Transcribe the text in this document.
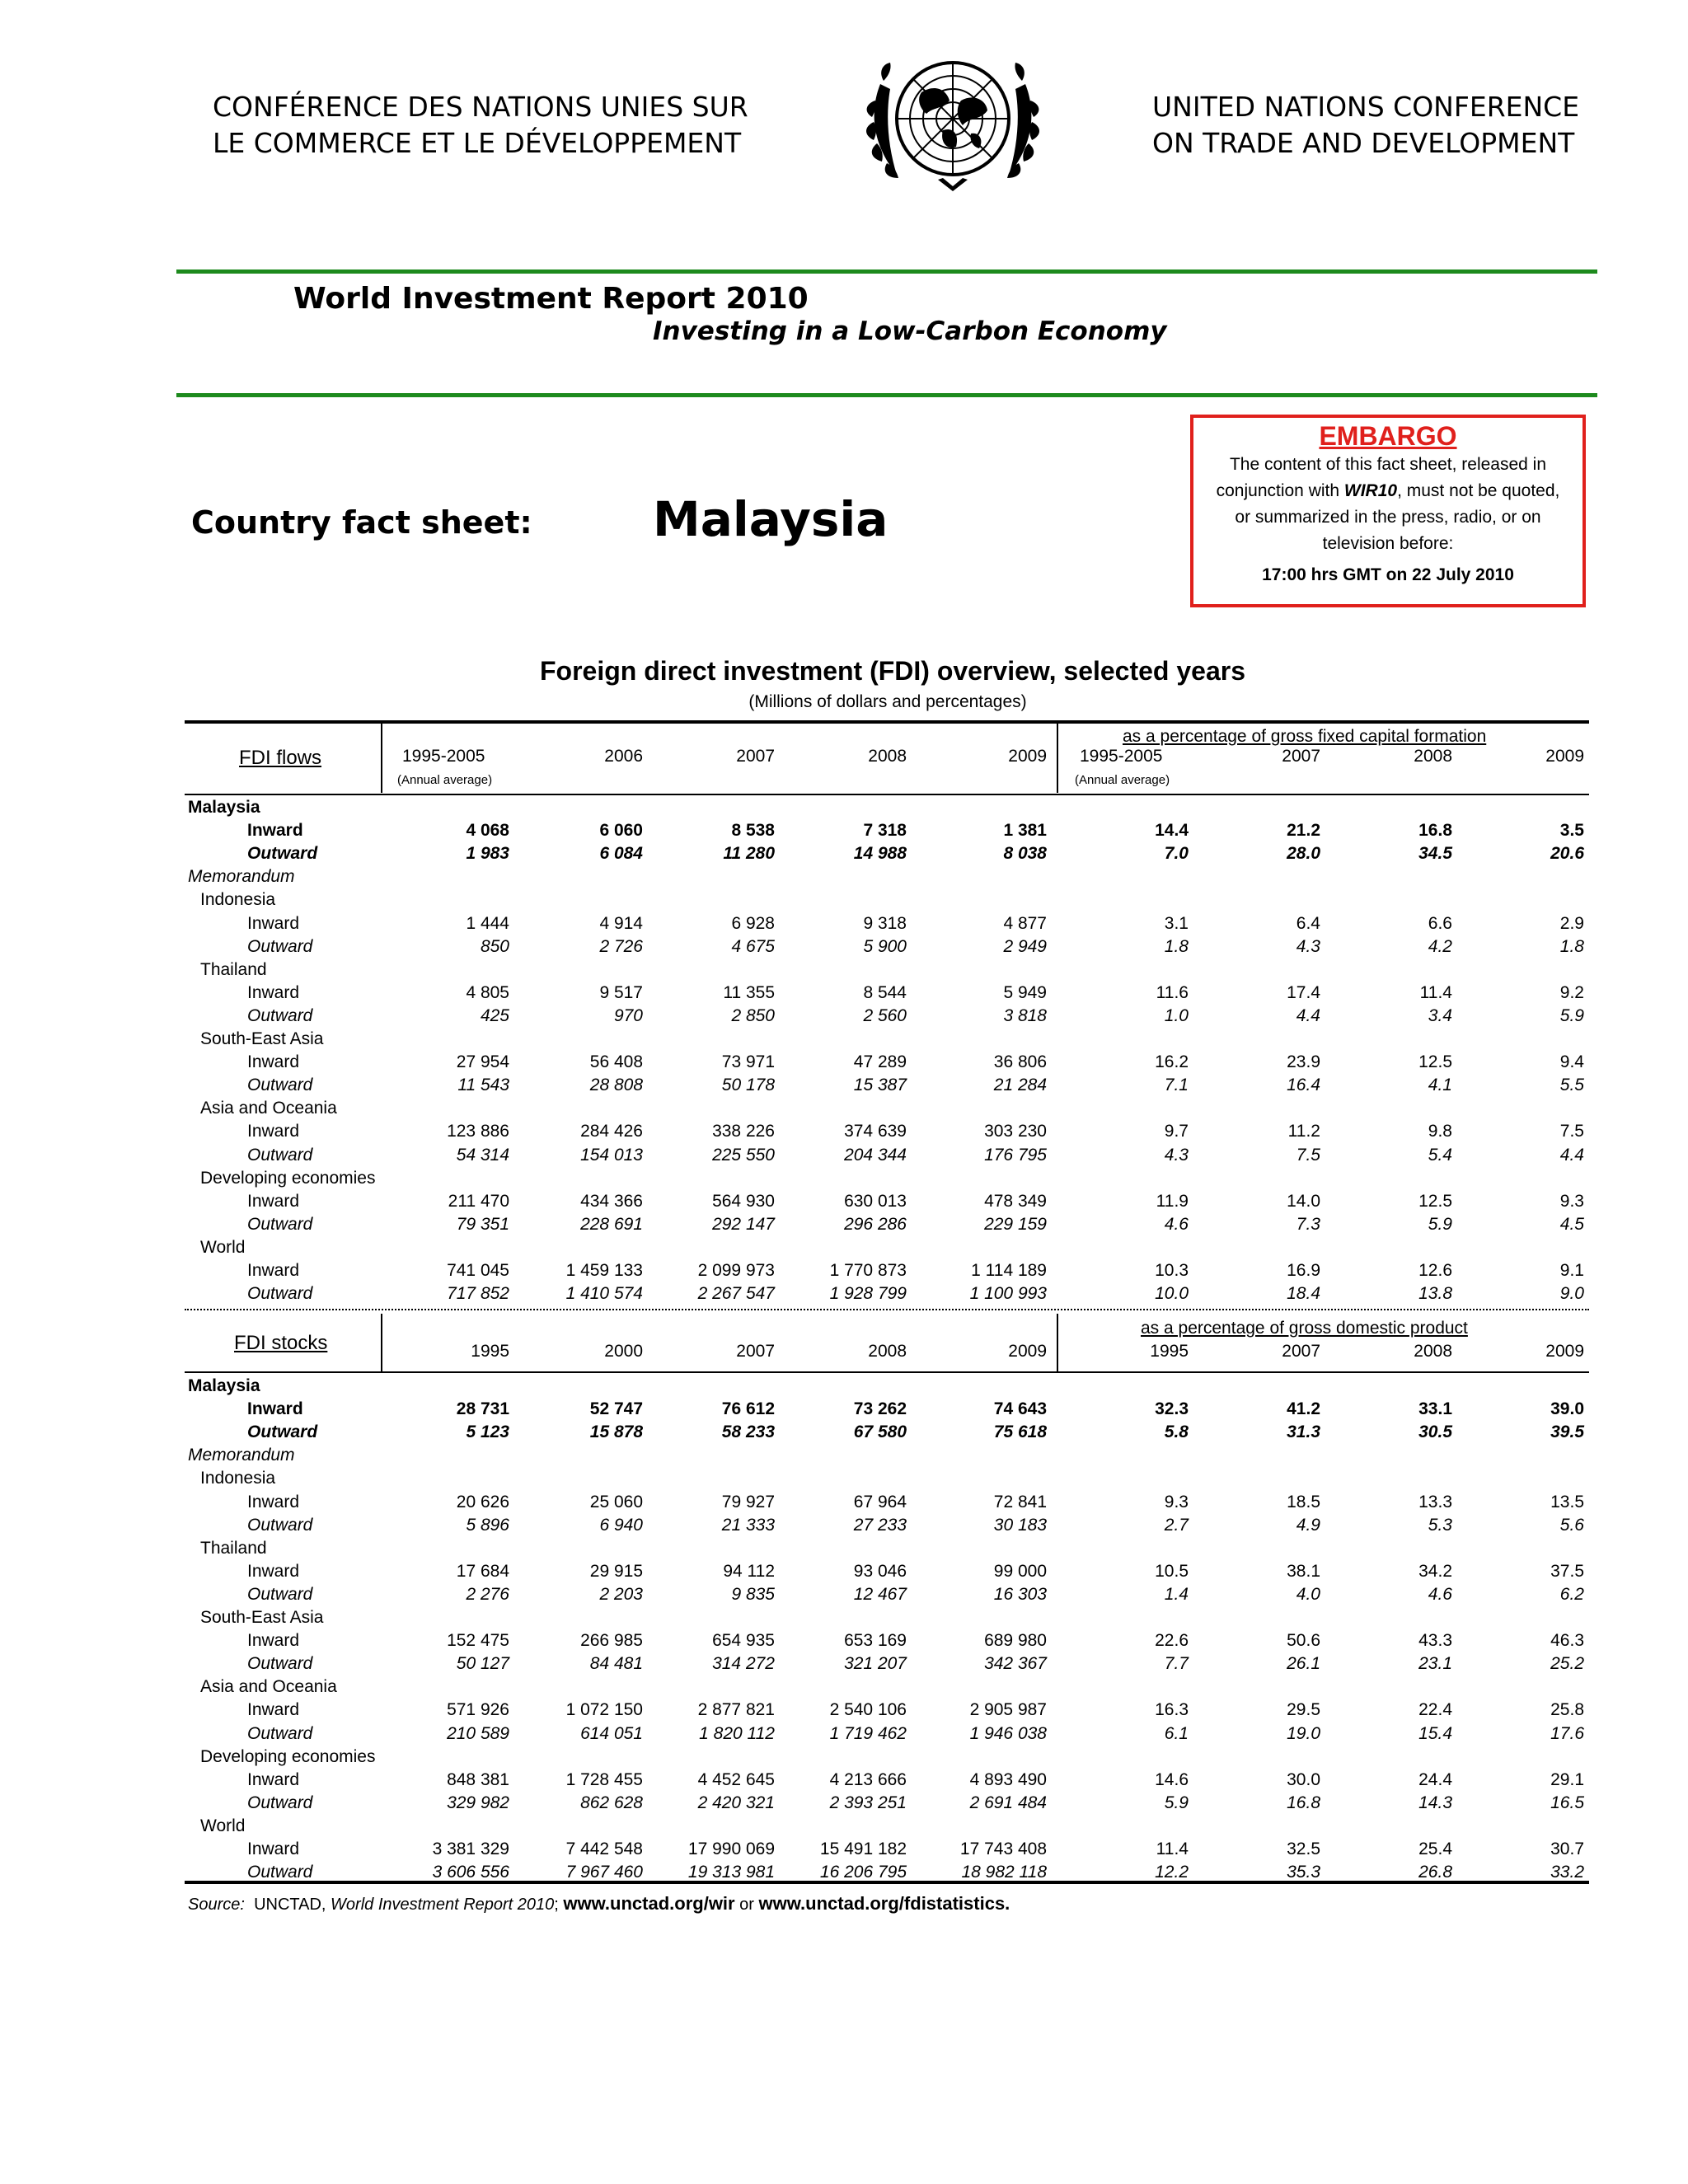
CONFÉRENCE DES NATIONS UNIES SUR
LE COMMERCE ET LE DÉVELOPPEMENT
UNITED NATIONS CONFERENCE
ON TRADE AND DEVELOPMENT
World Investment Report 2010
Investing in a Low-Carbon Economy
Country fact sheet:	Malaysia
EMBARGO
The content of this fact sheet, released in
conjunction with WIR10, must not be quoted,
or summarized in the press, radio, or on
television before:
17:00 hrs GMT on 22 July 2010
Foreign direct investment (FDI) overview, selected years
(Millions of dollars and percentages)
FDI flows
as a percentage of gross fixed capital formation
1995-2005	2006	2007	2008	2009 1995-2005	2007	2008	2009
(Annual average)	(Annual average)
Malaysia
Inward	4 068	6 060	8 538	7 318	1 381	14.4	21.2	16.8	3.5
Outward	1 983	6 084	11 280	14 988	8 038	7.0	28.0	34.5	20.6
Memorandum
Indonesia
Inward	1 444	4 914	6 928	9 318	4 877	3.1	6.4	6.6	2.9
Outward	850	2 726	4 675	5 900	2 949	1.8	4.3	4.2	1.8
Thailand
Inward	4 805	9 517	11 355	8 544	5 949	11.6	17.4	11.4	9.2
Outward	425	970	2 850	2 560	3 818	1.0	4.4	3.4	5.9
South-East Asia
Inward	27 954	56 408	73 971	47 289	36 806	16.2	23.9	12.5	9.4
Outward	11 543	28 808	50 178	15 387	21 284	7.1	16.4	4.1	5.5
Asia and Oceania
Inward	123 886	284 426	338 226	374 639	303 230	9.7	11.2	9.8	7.5
Outward	54 314	154 013	225 550	204 344	176 795	4.3	7.5	5.4	4.4
Developing economies
Inward	211 470	434 366	564 930	630 013	478 349	11.9	14.0	12.5	9.3
Outward	79 351	228 691	292 147	296 286	229 159	4.6	7.3	5.9	4.5
World
Inward	741 045	1 459 133	2 099 973	1 770 873	1 114 189	10.3	16.9	12.6	9.1
Outward	717 852	1 410 574	2 267 547	1 928 799	1 100 993	10.0	18.4	13.8	9.0
FDI stocks
as a percentage of gross domestic product
1995	2000	2007	2008	2009	1995	2007	2008	2009
Malaysia
Inward	28 731	52 747	76 612	73 262	74 643	32.3	41.2	33.1	39.0
Outward	5 123	15 878	58 233	67 580	75 618	5.8	31.3	30.5	39.5
Memorandum
Indonesia
Inward	20 626	25 060	79 927	67 964	72 841	9.3	18.5	13.3	13.5
Outward	5 896	6 940	21 333	27 233	30 183	2.7	4.9	5.3	5.6
Thailand
Inward	17 684	29 915	94 112	93 046	99 000	10.5	38.1	34.2	37.5
Outward	2 276	2 203	9 835	12 467	16 303	1.4	4.0	4.6	6.2
South-East Asia
Inward	152 475	266 985	654 935	653 169	689 980	22.6	50.6	43.3	46.3
Outward	50 127	84 481	314 272	321 207	342 367	7.7	26.1	23.1	25.2
Asia and Oceania
Inward	571 926	1 072 150	2 877 821	2 540 106	2 905 987	16.3	29.5	22.4	25.8
Outward	210 589	614 051	1 820 112	1 719 462	1 946 038	6.1	19.0	15.4	17.6
Developing economies
Inward	848 381	1 728 455	4 452 645	4 213 666	4 893 490	14.6	30.0	24.4	29.1
Outward	329 982	862 628	2 420 321	2 393 251	2 691 484	5.9	16.8	14.3	16.5
World
Inward	3 381 329	7 442 548	17 990 069	15 491 182	17 743 408	11.4	32.5	25.4	30.7
Outward	3 606 556	7 967 460	19 313 981	16 206 795	18 982 118	12.2	35.3	26.8	33.2
Source: UNCTAD, World Investment Report 2010; www.unctad.org/wir or www.unctad.org/fdistatistics.
